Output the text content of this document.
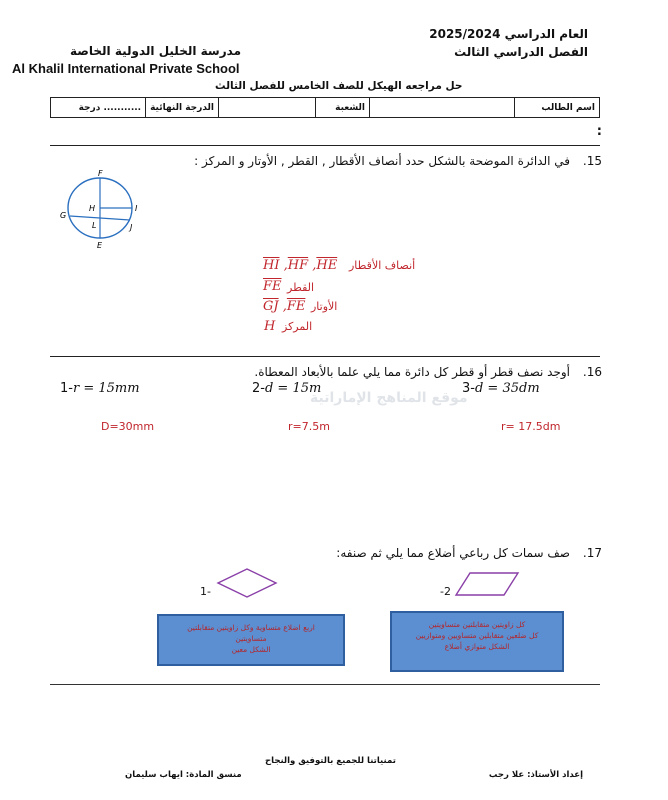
العام الدراسي 2025/2024
الفصل الدراسي الثالث
مدرسة الخليل الدولية الخاصة
Al Khalil International Private School
حل مراجعه الهيكل للصف الخامس للفصل الثالث
اسم الطالب		الشعبة		الدرجة النهائية	........... درجة
:
في الدائرة الموضحة بالشكل حدد أنصاف الأقطار , القطر , الأوتار و المركز : .15
F
H
G
I
L	J
E
$\overline{HI}$ $,\overline{HF}$ $,\overline{HE}$ أنصاف الأقطار
$\overline{FE}$ القطر
$\overline{GJ}$ $,\overline{FE}$ الأوتار
H المركز
أوجد نصف قطر أو قطر كل دائرة مما يلي علما بالأبعاد المعطاة. .16
1-r = 15mm	2-d = 15m	3-d = 35dm
D=30mm	r=7.5m	r= 17.5dm
موقع المناهج الإماراتية
صف سمات كل رباعي أضلاع مما يلي ثم صنفه: .17
1-	-2
اربع اضلاع متساوية وكل زاويتين متقابلتين
متساويتين
الشكل معين
كل زاويتين متقابلتين متساويتين
كل ضلعين متقابلين متساويين ومتوازيين
الشكل متوازي أضلاع
تمنياتنا للجميع بالتوفيق والنجاح
إعداد الأستاذ: علا رجب
منسق المادة: ايهاب سليمان
